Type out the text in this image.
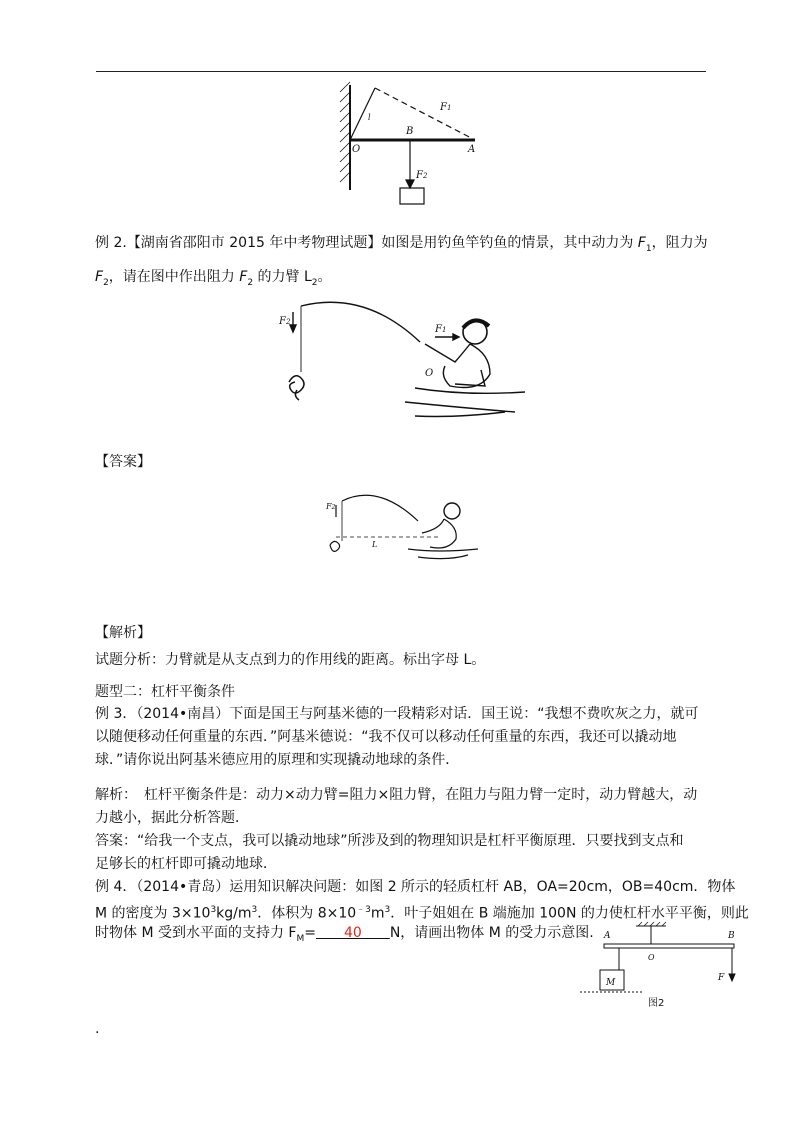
l
F1
B
O	A
F2
例 2.【湖南省邵阳市 2015 年中考物理试题】如图是用钓鱼竿钓鱼的情景，其中动力为 $F_1$，阻力为
$F_2$，请在图中作出阻力 $F_2$ 的力臂 $L_2$。
F2
F1
O
【答案】
F2
L
【解析】
试题分析：力臂就是从支点到力的作用线的距离。标出字母 L。
题型二：杠杆平衡条件
例 3．（2014•南昌）下面是国王与阿基米德的一段精彩对话．国王说：“我想不费吹灰之力，就可
以随便移动任何重量的东西．”阿基米德说：“我不仅可以移动任何重量的东西，我还可以撬动地
球．”请你说出阿基米德应用的原理和实现撬动地球的条件．
解析：　杠杆平衡条件是：动力×动力臂=阻力×阻力臂，在阻力与阻力臂一定时，动力臂越大，动
力越小，据此分析答题．
答案：“给我一个支点，我可以撬动地球”所涉及到的物理知识是杠杆平衡原理．只要找到支点和
足够长的杠杆即可撬动地球．
例 4．（2014•青岛）运用知识解决问题：如图 2 所示的轻质杠杆 AB，OA=20cm，OB=40cm．物体
M 的密度为 $3\times 10^3kg/m^3$．体积为 $8\times 10^{﹣3}m^3$．叶子姐姐在 B 端施加 100N 的力使杠杆水平平衡，则此
时物体 M 受到水平面的支持力 $F_M=$　　 40　　 N，请画出物体 M 的受力示意图. A	B
O
M	F
图2
.
